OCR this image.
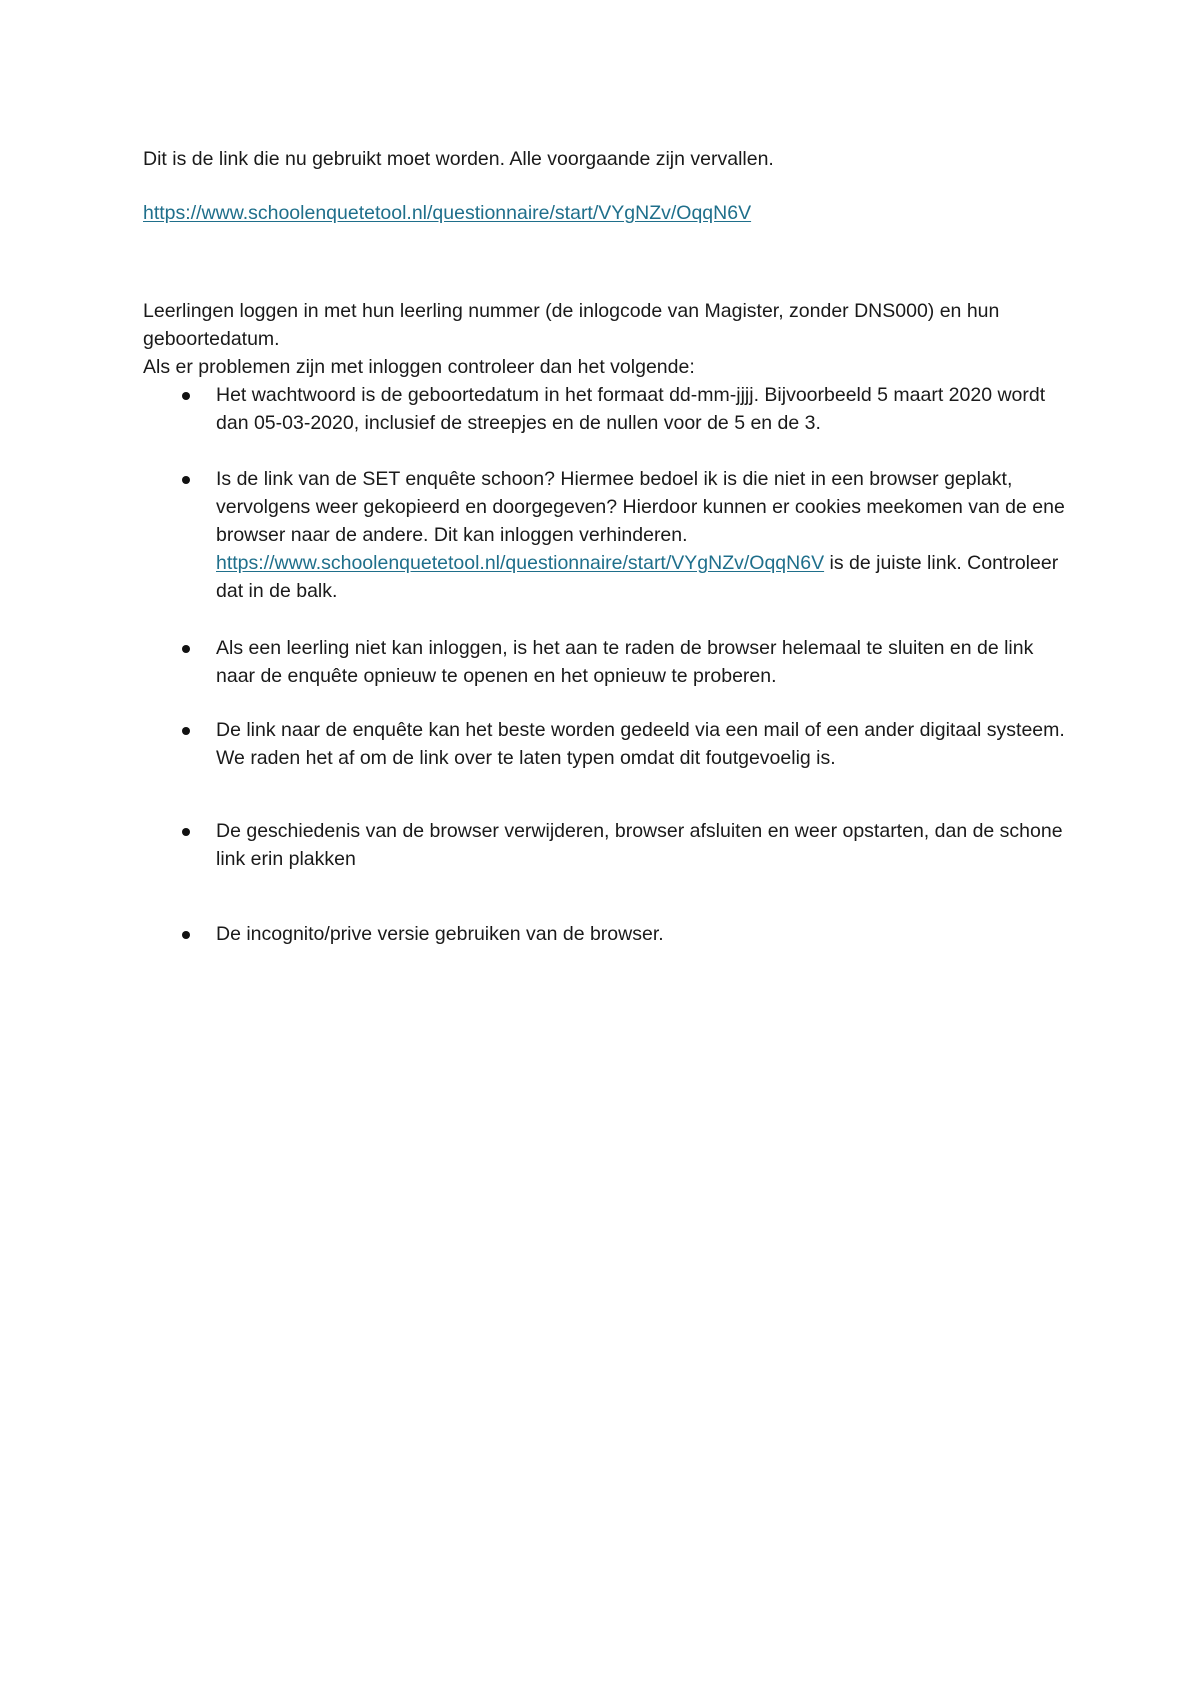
Dit is de link die nu gebruikt moet worden. Alle voorgaande zijn vervallen.

https://www.schoolenquetetool.nl/questionnaire/start/VYgNZv/OqqN6V

Leerlingen loggen in met hun leerling nummer (de inlogcode van Magister, zonder DNS000) en hun geboortedatum.

Als er problemen zijn met inloggen controleer dan het volgende:

Het wachtwoord is de geboortedatum in het formaat dd-mm-jjjj. Bijvoorbeeld 5 maart 2020 wordt dan 05-03-2020, inclusief de streepjes en de nullen voor de 5 en de 3.
Is de link van de SET enquête schoon? Hiermee bedoel ik is die niet in een browser geplakt, vervolgens weer gekopieerd en doorgegeven? Hierdoor kunnen er cookies meekomen van de ene browser naar de andere. Dit kan inloggen verhinderen.
https://www.schoolenquetetool.nl/questionnaire/start/VYgNZv/OqqN6V is de juiste link. Controleer dat in de balk.
Als een leerling niet kan inloggen, is het aan te raden de browser helemaal te sluiten en de link naar de enquête opnieuw te openen en het opnieuw te proberen.
De link naar de enquête kan het beste worden gedeeld via een mail of een ander digitaal systeem. We raden het af om de link over te laten typen omdat dit foutgevoelig is.
De geschiedenis van de browser verwijderen, browser afsluiten en weer opstarten, dan de schone link erin plakken
De incognito/prive versie gebruiken van de browser.
